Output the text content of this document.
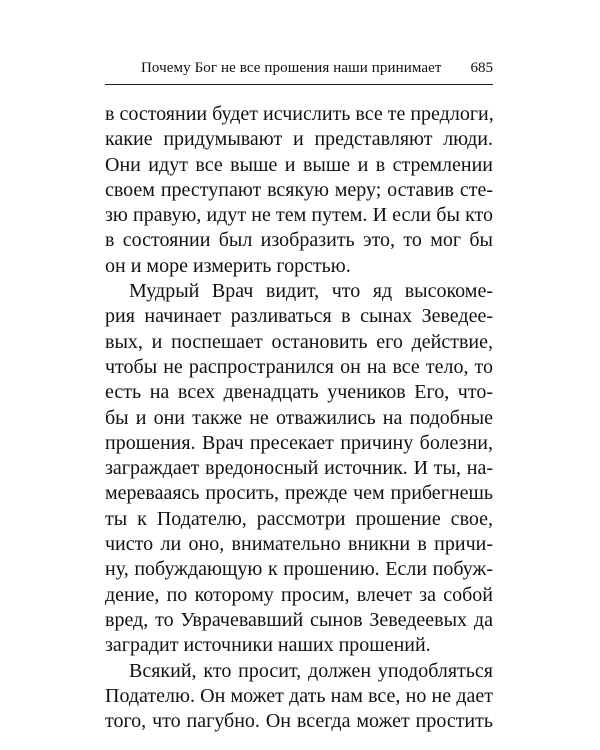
Почему Бог не все прошения наши принимает 685
в состоянии будет исчислить все те предлоги,
какие придумывают и представляют люди.
Они идут все выше и выше и в стремлении
своем преступают всякую меру; оставив сте-
зю правую, идут не тем путем. И если бы кто
в состоянии был изобразить это, то мог бы
он и море измерить горстью.
Мудрый Врач видит, что яд высокоме-
рия начинает разливаться в сынах Зеведее-
вых, и поспешает остановить его действие,
чтобы не распространился он на все тело, то
есть на всех двенадцать учеников Его, что-
бы и они также не отважились на подобные
прошения. Врач пресекает причину болезни,
заграждает вредоносный источник. И ты, на-
меревааясь просить, прежде чем прибегнешь
ты к Подателю, рассмотри прошение свое,
чисто ли оно, внимательно вникни в причи-
ну, побуждающую к прошению. Если побуж-
дение, по которому просим, влечет за собой
вред, то Уврачевавший сынов Зеведеевых да
заградит источники наших прошений.
Всякий, кто просит, должен уподобляться
Подателю. Он может дать нам все, но не дает
того, что пагубно. Он всегда может простить
